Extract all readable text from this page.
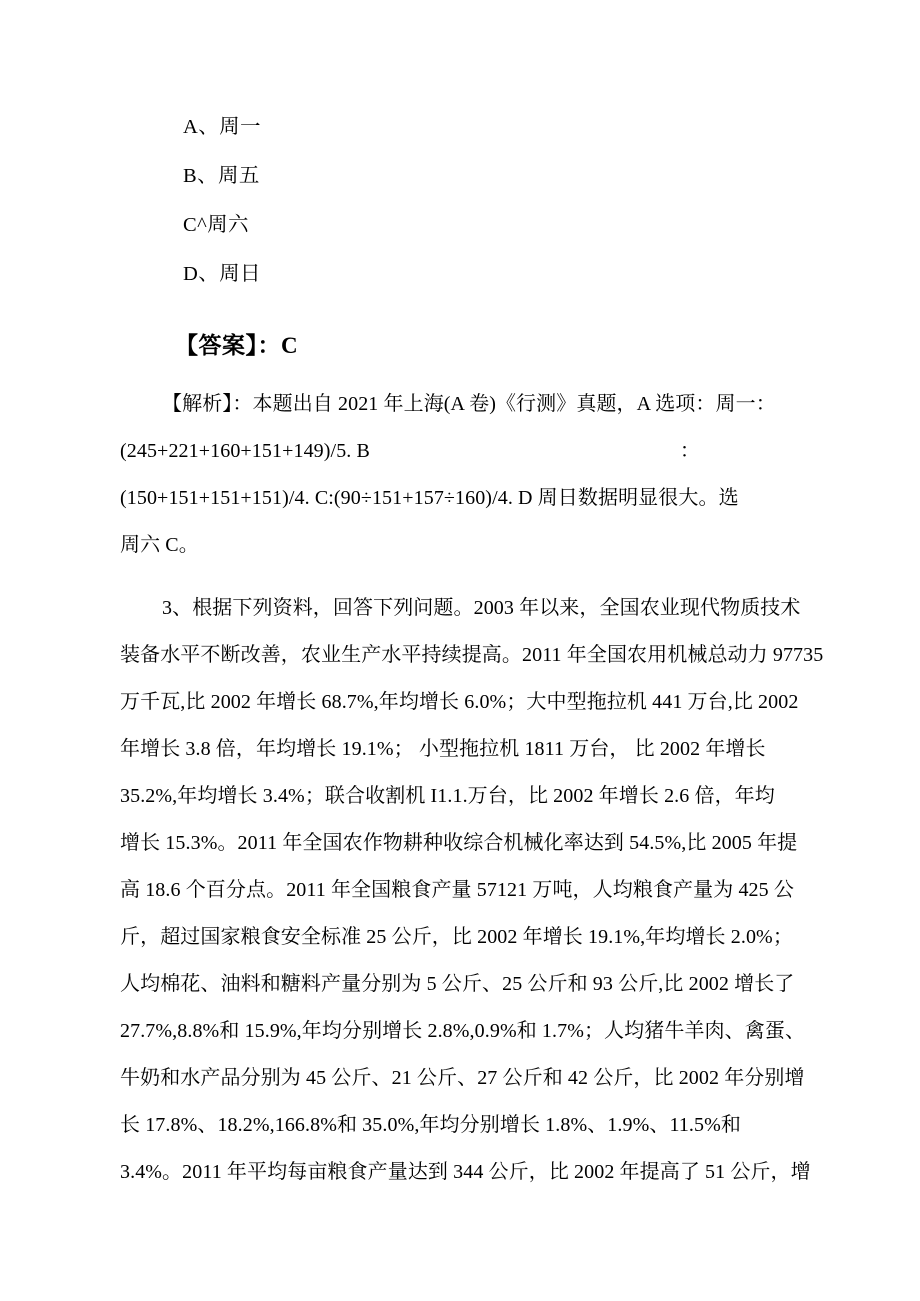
A、周一
B、周五
C^周六
D、周日
【答案】：C
【解析】：本题出自 2021 年上海(A 卷)《行测》真题，A 选项：周一：
(245+221+160+151+149)/5. B	：
(150+151+151+151)/4. C:(90÷151+157÷160)/4. D 周日数据明显很大。选
周六 C。
3、根据下列资料，回答下列问题。2003 年以来，全国农业现代物质技术
装备水平不断改善，农业生产水平持续提高。2011 年全国农用机械总动力 97735
万千瓦,比 2002 年增长 68.7%,年均增长 6.0%；大中型拖拉机 441 万台,比 2002
年增长 3.8 倍，年均增长 19.1%； 小型拖拉机 1811 万台， 比 2002 年增长
35.2%,年均增长 3.4%；联合收割机 I1.1.万台，比 2002 年增长 2.6 倍，年均
增长 15.3%。2011 年全国农作物耕种收综合机械化率达到 54.5%,比 2005 年提
高 18.6 个百分点。2011 年全国粮食产量 57121 万吨，人均粮食产量为 425 公
斤，超过国家粮食安全标准 25 公斤，比 2002 年增长 19.1%,年均增长 2.0%；
人均棉花、油料和糖料产量分别为 5 公斤、25 公斤和 93 公斤,比 2002 增长了
27.7%,8.8%和 15.9%,年均分别增长 2.8%,0.9%和 1.7%；人均猪牛羊肉、禽蛋、
牛奶和水产品分别为 45 公斤、21 公斤、27 公斤和 42 公斤，比 2002 年分别增
长 17.8%、18.2%,166.8%和 35.0%,年均分别增长 1.8%、1.9%、11.5%和
3.4%。2011 年平均每亩粮食产量达到 344 公斤，比 2002 年提高了 51 公斤，增
